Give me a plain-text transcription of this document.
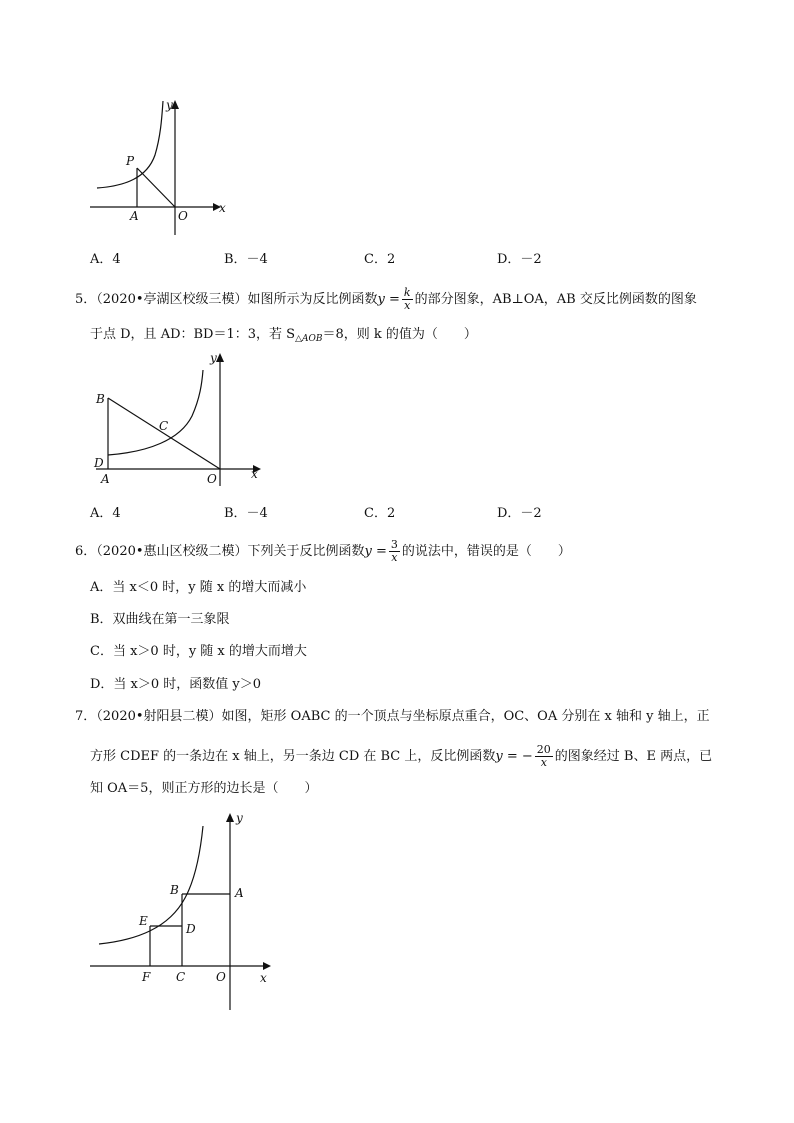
y
x
P
A	O
A．4	B．－4	C．2	D．－2
5．（2020•亭湖区校级三模）如图所示为反比例函数$y = \frac{k}{x}$ 的部分图象，AB⊥OA，AB 交反比例函数的图象
于点 D，且 AD：BD＝1：3，若 $S_{\triangle AOB}=8$，则 k 的值为（　　）
y
x
B
C
D
A	O
A．4	B．－4	C．2	D．－2
6．（2020•惠山区校级二模）下列关于反比例函数$y = \frac{3}{x}$ 的说法中，错误的是（　　）
A．当 x＜0 时，y 随 x 的增大而减小
B．双曲线在第一三象限
C．当 x＞0 时，y 随 x 的增大而增大
D．当 x＞0 时，函数值 y＞0
7．（2020•射阳县二模）如图，矩形 OABC 的一个顶点与坐标原点重合，OC、OA 分别在 x 轴和 y 轴上，正
方形 CDEF 的一条边在 x 轴上，另一条边 CD 在 BC 上，反比例函数y = − $\frac{20}{x}$ 的图象经过 B、E 两点，已
知 OA＝5，则正方形的边长是（　　）
y
x
B	A
E
D
F C	O
